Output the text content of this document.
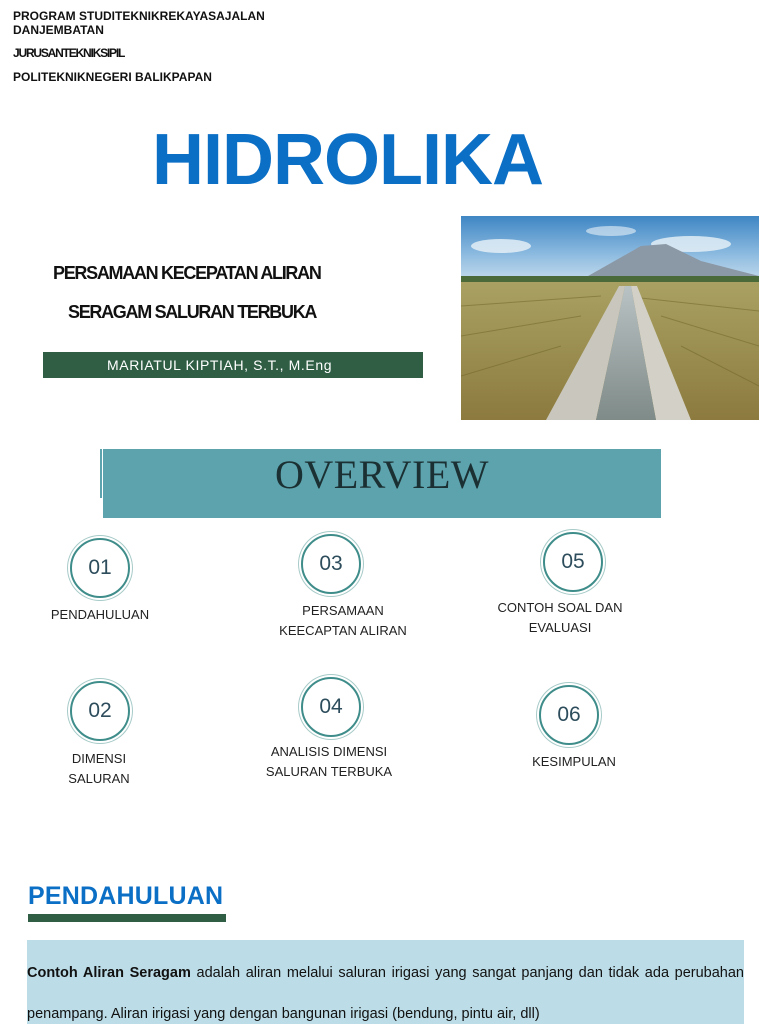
PROGRAM STUDITEKNIKREKAYASAJALAN
DANJEMBATAN
JURUSANTEKNIKSIPIL
POLITEKNIKNEGERI BALIKPAPAN
HIDROLIKA
PERSAMAAN KECEPATAN ALIRAN
SERAGAM SALURAN TERBUKA
MARIATUL KIPTIAH, S.T., M.Eng
OVERVIEW
01
PENDAHULUAN
02
DIMENSI
SALURAN
03
PERSAMAAN
KEECAPTAN ALIRAN
04
ANALISIS DIMENSI
SALURAN TERBUKA
05
CONTOH SOAL DAN
EVALUASI
06
KESIMPULAN
PENDAHULUAN

Contoh Aliran Seragam adalah aliran melalui saluran irigasi yang sangat panjang dan tidak ada perubahan penampang. Aliran irigasi yang dengan bangunan irigasi (bendung, pintu air, dll)
